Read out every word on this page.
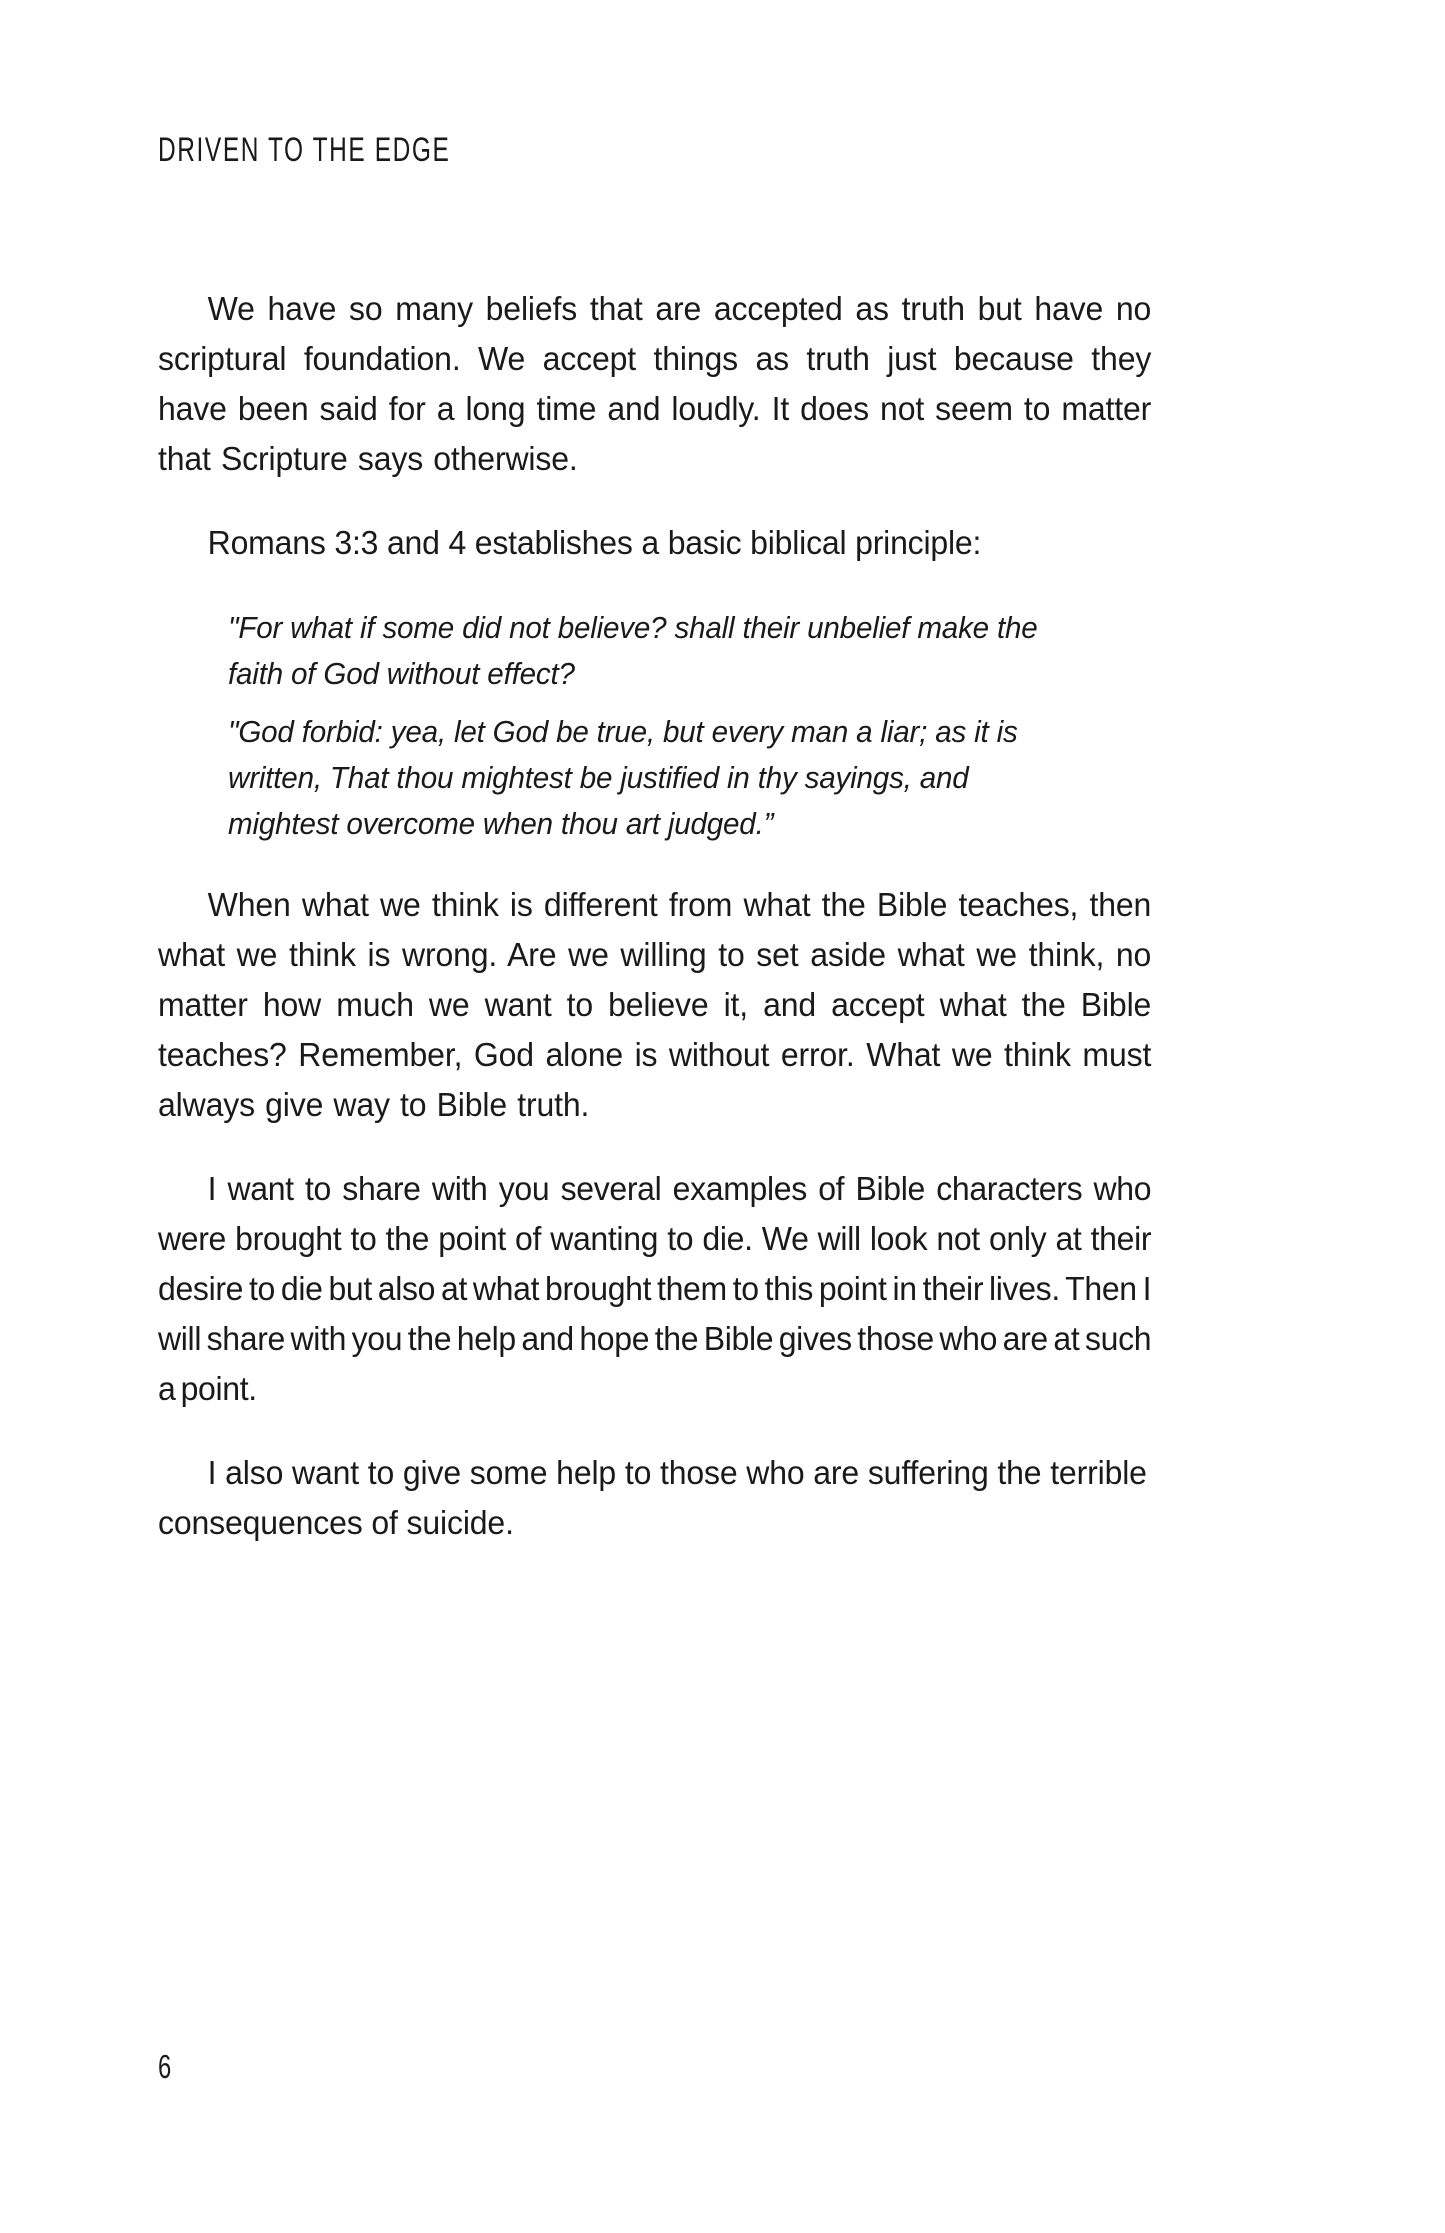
DRIVEN TO THE EDGE

We have so many beliefs that are accepted as truth but have no scriptural foundation. We accept things as truth just because they have been said for a long time and loudly. It does not seem to matter that Scripture says otherwise.

Romans 3:3 and 4 establishes a basic biblical principle:

"For what if some did not believe? shall their unbelief make the faith of God without effect?

"God forbid: yea, let God be true, but every man a liar; as it is written, That thou mightest be justified in thy sayings, and mightest overcome when thou art judged.”

When what we think is different from what the Bible teaches, then what we think is wrong. Are we willing to set aside what we think, no matter how much we want to believe it, and accept what the Bible teaches? Remember, God alone is without error. What we think must always give way to Bible truth.

I want to share with you several examples of Bible characters who were brought to the point of wanting to die. We will look not only at their desire to die but also at what brought them to this point in their lives. Then I will share with you the help and hope the Bible gives those who are at such a point.

I also want to give some help to those who are suffering the terrible consequences of suicide.

6
